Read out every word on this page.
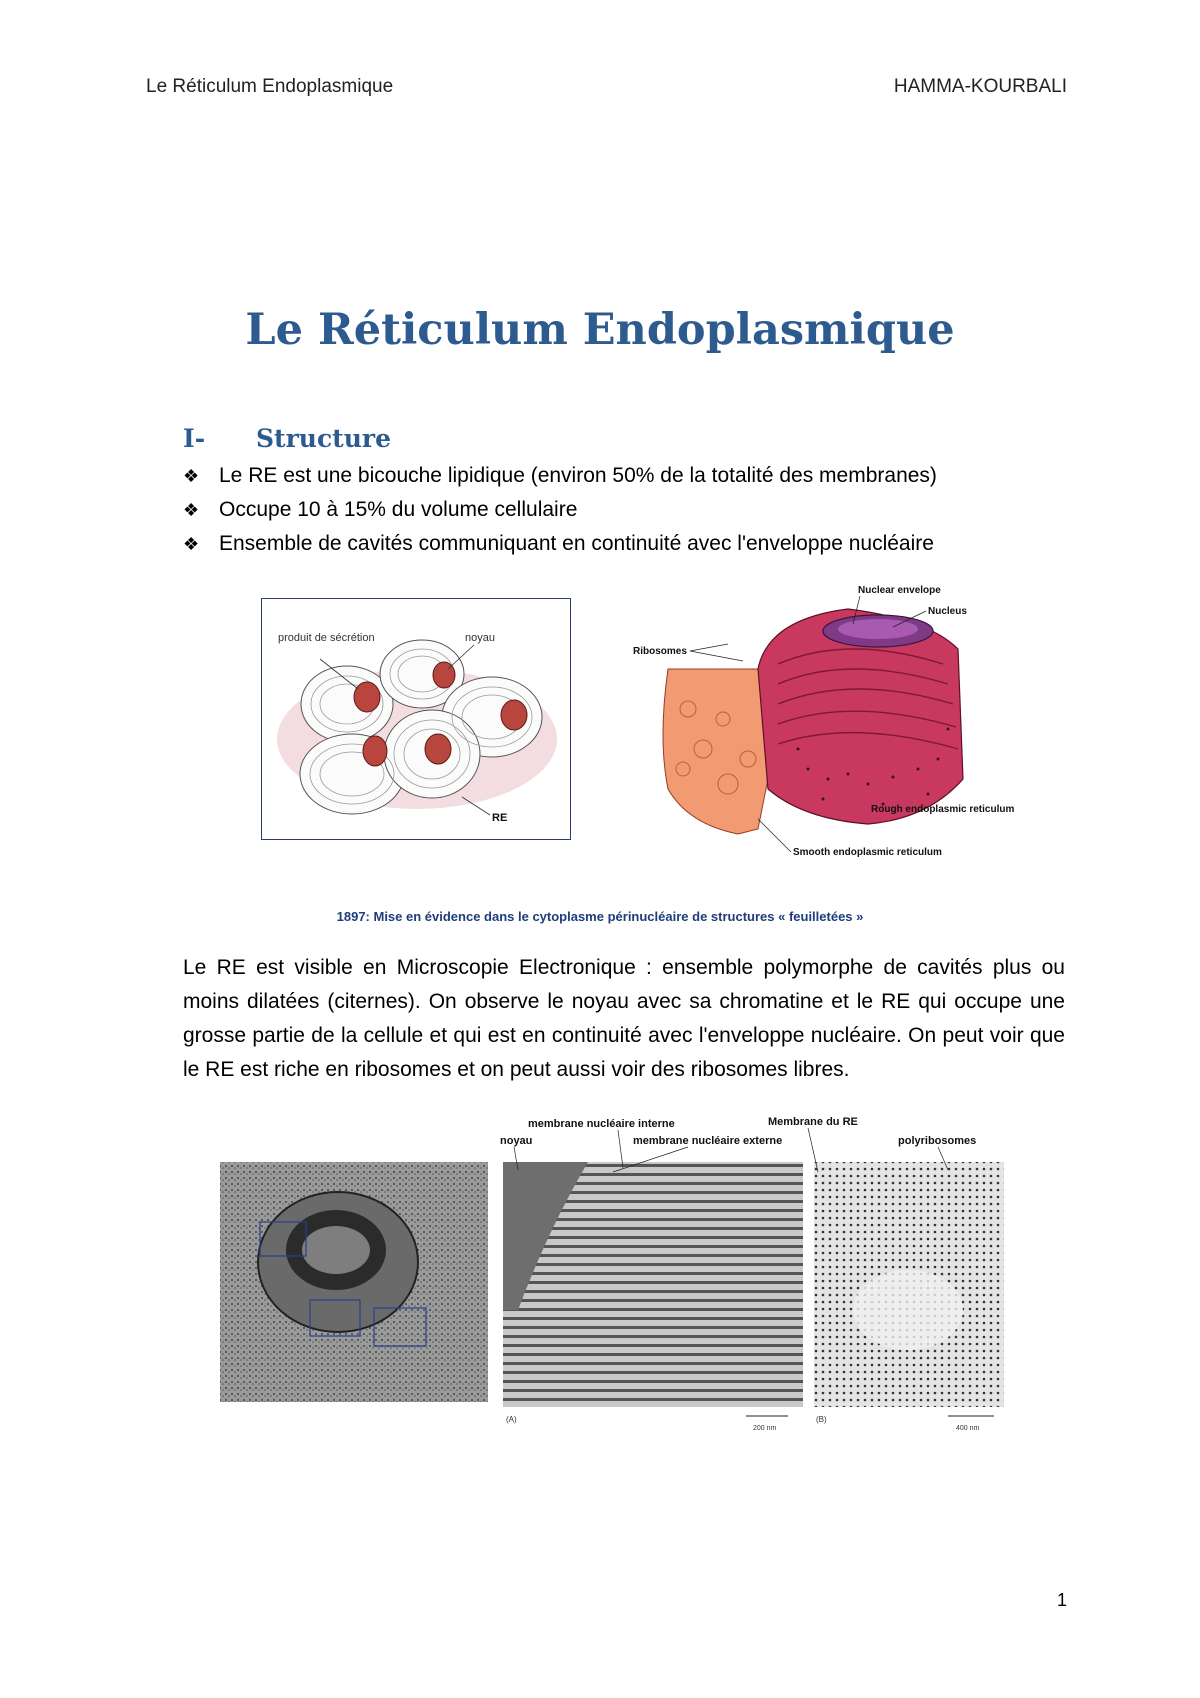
Le Réticulum Endoplasmique	HAMMA-KOURBALI
Le Réticulum Endoplasmique
I- Structure
❖ Le RE est une bicouche lipidique (environ 50% de la totalité des membranes)
❖ Occupe 10 à 15% du volume cellulaire
❖ Ensemble de cavités communiquant en continuité avec l'enveloppe nucléaire
produit de sécrétion	noyau
RE
Nuclear envelope
Nucleus
Ribosomes
Rough endoplasmic reticulum
Smooth endoplasmic reticulum
1897: Mise en évidence dans le cytoplasme périnucléaire de structures « feuilletées »
Le RE est visible en Microscopie Electronique : ensemble polymorphe de cavités plus ou moins dilatées (citernes). On observe le noyau avec sa chromatine et le RE qui occupe une grosse partie de la cellule et qui est en continuité avec l'enveloppe nucléaire. On peut voir que le RE est riche en ribosomes et on peut aussi voir des ribosomes libres.
membrane nucléaire interne
noyau	membrane nucléaire externe
Membrane du RE
polyribosomes
(A)	(B)
200 nm	400 nm
1
